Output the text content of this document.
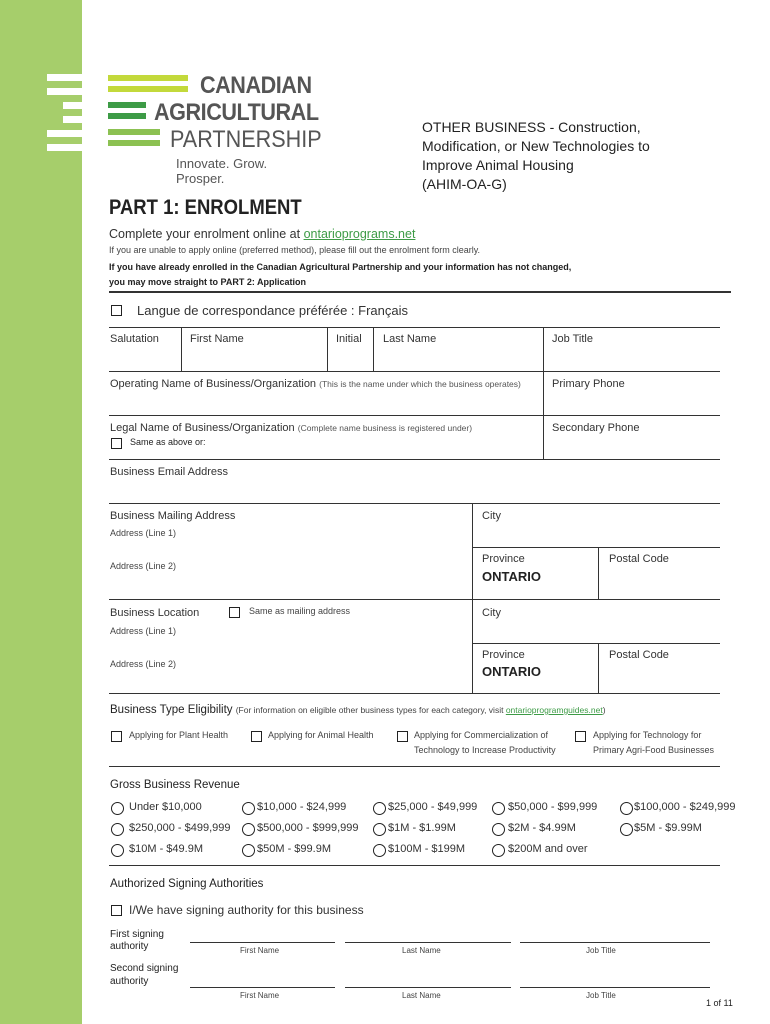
CANADIAN
AGRICULTURAL
PARTNERSHIP
Innovate. Grow. Prosper.
OTHER BUSINESS - Construction,
Modification, or New Technologies to
Improve Animal Housing
(AHIM-OA-G)
PART 1: ENROLMENT
Complete your enrolment online at ontarioprograms.net
If you are unable to apply online (preferred method), please fill out the enrolment form clearly.
If you have already enrolled in the Canadian Agricultural Partnership and your information has not changed,
you may move straight to PART 2: Application
Langue de correspondance préférée : Français
Salutation	First Name	Initial Last Name	Job Title
Operating Name of Business/Organization (This is the name under which the business operates)	Primary Phone
Legal Name of Business/Organization (Complete name business is registered under)
Same as above or:
Secondary Phone
Business Email Address
Business Mailing Address
Address (Line 1)
Address (Line 2)
City
Province
ONTARIO
Postal Code
Business Location	Same as mailing address
Address (Line 1)
Address (Line 2)
City
Province
ONTARIO
Postal Code
Business Type Eligibility (For information on eligible other business types for each category, visit ontarioprogramguides.net)
Applying for Plant Health	Applying for Animal Health	Applying for Commercialization of
Technology to Increase Productivity
Applying for Technology for
Primary Agri-Food Businesses
Gross Business Revenue
Under $10,000	$10,000 - $24,999	$25,000 - $49,999	$50,000 - $99,999	$100,000 - $249,999
$250,000 - $499,999 $500,000 - $999,999	$1M - $1.99M	$2M - $4.99M	$5M - $9.99M
$10M - $49.9M	$50M - $99.9M	$100M - $199M	$200M and over
Authorized Signing Authorities
I/We have signing authority for this business
First signing
authority	First Name	Last Name	Job Title
Second signing
authority
First Name	Last Name	Job Title
1 of 11
